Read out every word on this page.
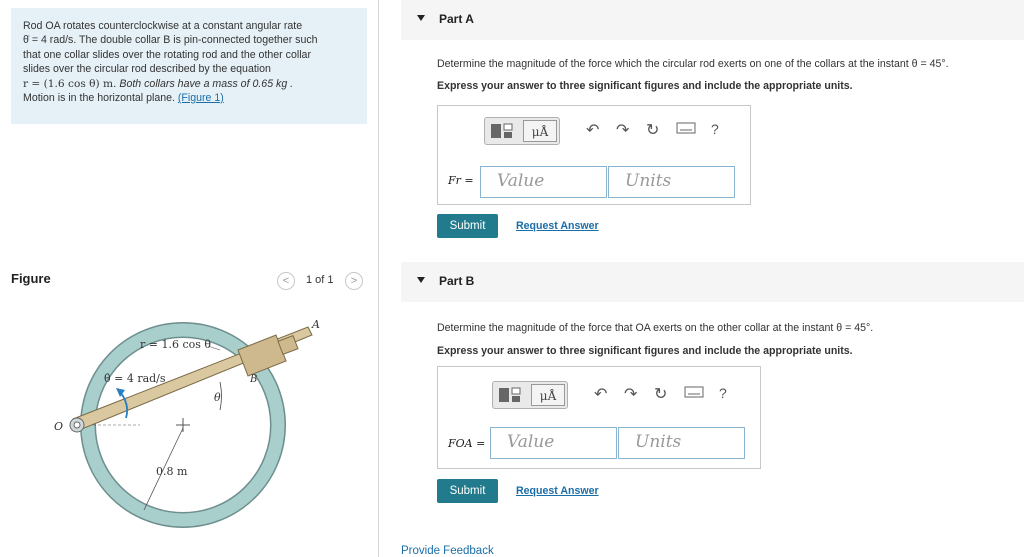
Rod OA rotates counterclockwise at a constant angular rate
θ̇ = 4 rad/s. The double collar B is pin-connected together such
that one collar slides over the rotating rod and the other collar
slides over the circular rod described by the equation
r = (1.6 cos θ) m. Both collars have a mass of 0.65 kg .
Motion is in the horizontal plane. (Figure 1)
Figure	<	1 of 1	>
r = 1.6 cos θ
θ̇ = 4 rad/s
A
B
O
θ
0.8 m
Part A
Determine the magnitude of the force which the circular rod exerts on one of the collars at the instant θ = 45°.
Express your answer to three significant figures and include the appropriate units.
μÅ	↶ ↷ ↻	?
Fr =	Value	Units
Submit	Request Answer
Part B
Determine the magnitude of the force that OA exerts on the other collar at the instant θ = 45°.
Express your answer to three significant figures and include the appropriate units.
μÅ	↶ ↷ ↻	?
FOA =	Value	Units
Submit	Request Answer
Provide Feedback
